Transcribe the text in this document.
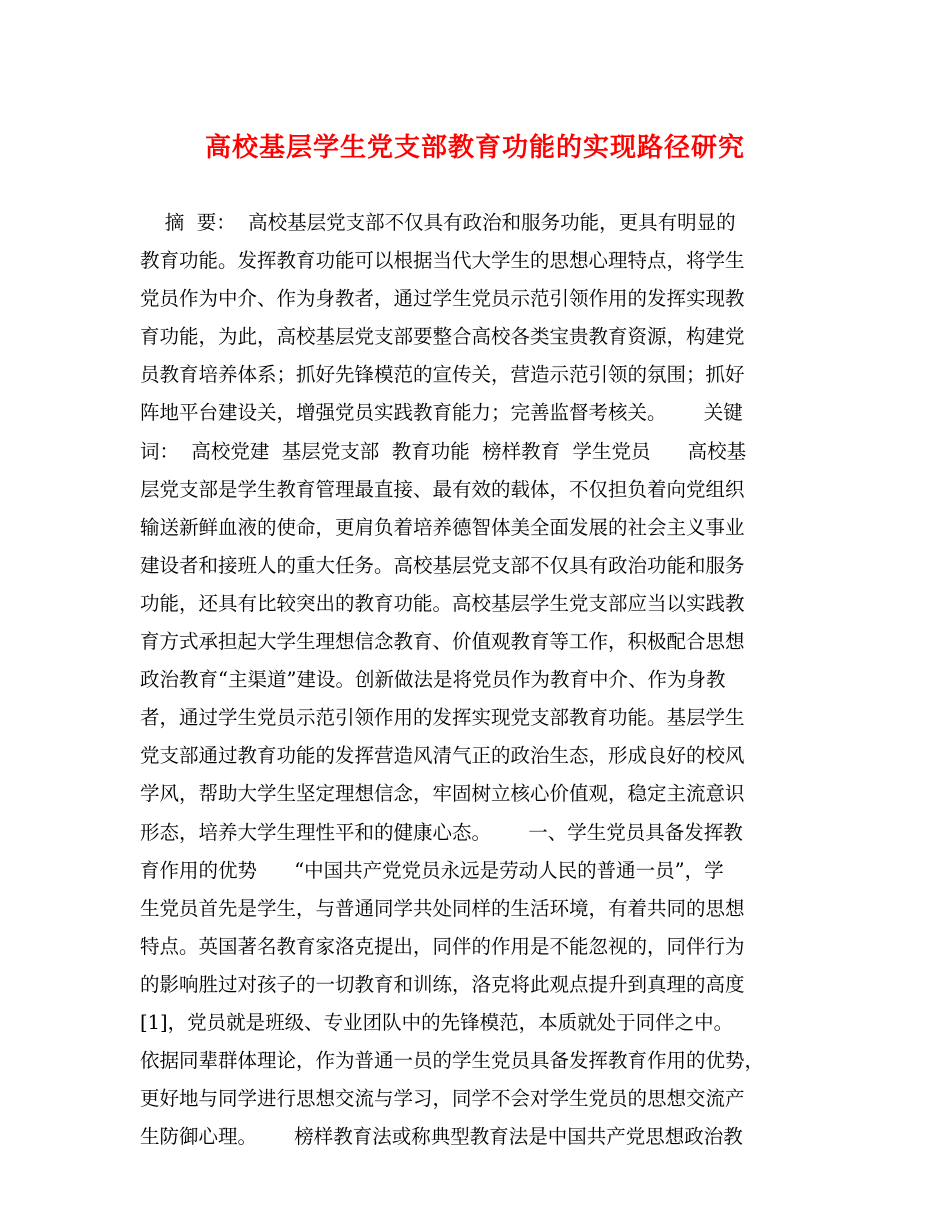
高校基层学生党支部教育功能的实现路径研究
摘  要：  高校基层党支部不仅具有政治和服务功能，更具有明显的
教育功能。发挥教育功能可以根据当代大学生的思想心理特点，将学生
党员作为中介、作为身教者，通过学生党员示范引领作用的发挥实现教
育功能，为此，高校基层党支部要整合高校各类宝贵教育资源，构建党
员教育培养体系；抓好先锋模范的宣传关，营造示范引领的氛围；抓好
阵地平台建设关，增强党员实践教育能力；完善监督考核关。      关键
词：  高校党建  基层党支部  教育功能  榜样教育  学生党员      高校基
层党支部是学生教育管理最直接、最有效的载体，不仅担负着向党组织
输送新鲜血液的使命，更肩负着培养德智体美全面发展的社会主义事业
建设者和接班人的重大任务。高校基层党支部不仅具有政治功能和服务
功能，还具有比较突出的教育功能。高校基层学生党支部应当以实践教
育方式承担起大学生理想信念教育、价值观教育等工作，积极配合思想
政治教育“主渠道”建设。创新做法是将党员作为教育中介、作为身教
者，通过学生党员示范引领作用的发挥实现党支部教育功能。基层学生
党支部通过教育功能的发挥营造风清气正的政治生态，形成良好的校风
学风，帮助大学生坚定理想信念，牢固树立核心价值观，稳定主流意识
形态，培养大学生理性平和的健康心态。      一、学生党员具备发挥教
育作用的优势      “中国共产党党员永远是劳动人民的普通一员”，学
生党员首先是学生，与普通同学共处同样的生活环境，有着共同的思想
特点。英国著名教育家洛克提出，同伴的作用是不能忽视的，同伴行为
的影响胜过对孩子的一切教育和训练，洛克将此观点提升到真理的高度
[1]，党员就是班级、专业团队中的先锋模范，本质就处于同伴之中。
依据同辈群体理论，作为普通一员的学生党员具备发挥教育作用的优势，
更好地与同学进行思想交流与学习，同学不会对学生党员的思想交流产
生防御心理。      榜样教育法或称典型教育法是中国共产党思想政治教
